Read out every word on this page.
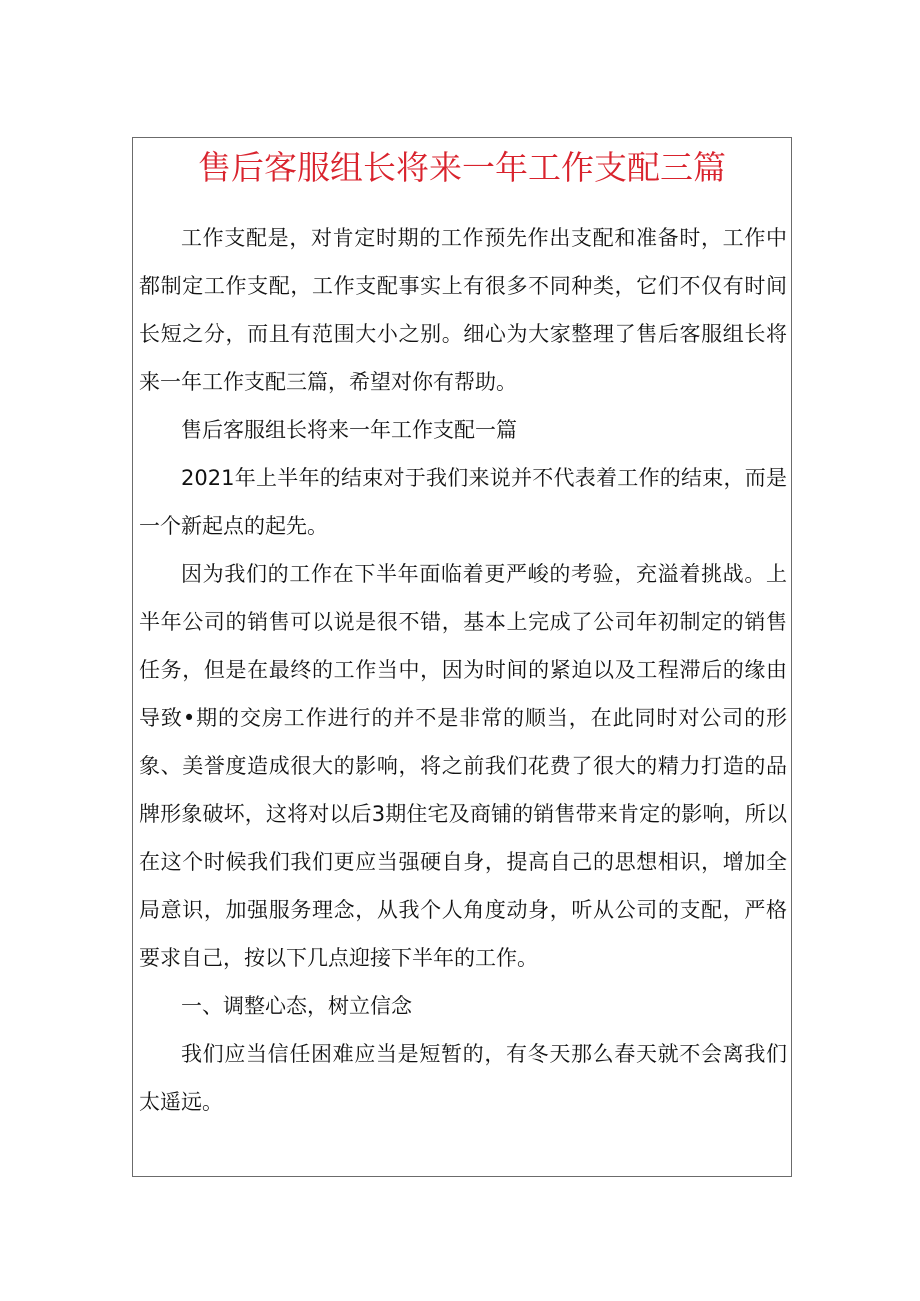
售后客服组长将来一年工作支配三篇

工作支配是，对肯定时期的工作预先作出支配和准备时，工作中都制定工作支配，工作支配事实上有很多不同种类，它们不仅有时间长短之分，而且有范围大小之别。细心为大家整理了售后客服组长将来一年工作支配三篇，希望对你有帮助。

售后客服组长将来一年工作支配一篇

2021年上半年的结束对于我们来说并不代表着工作的结束，而是一个新起点的起先。

因为我们的工作在下半年面临着更严峻的考验，充溢着挑战。上半年公司的销售可以说是很不错，基本上完成了公司年初制定的销售任务，但是在最终的工作当中，因为时间的紧迫以及工程滞后的缘由导致•期的交房工作进行的并不是非常的顺当，在此同时对公司的形象、美誉度造成很大的影响，将之前我们花费了很大的精力打造的品牌形象破坏，这将对以后3期住宅及商铺的销售带来肯定的影响，所以在这个时候我们我们更应当强硬自身，提高自己的思想相识，增加全局意识，加强服务理念，从我个人角度动身，听从公司的支配，严格要求自己，按以下几点迎接下半年的工作。

一、调整心态，树立信念

我们应当信任困难应当是短暂的，有冬天那么春天就不会离我们太遥远。
